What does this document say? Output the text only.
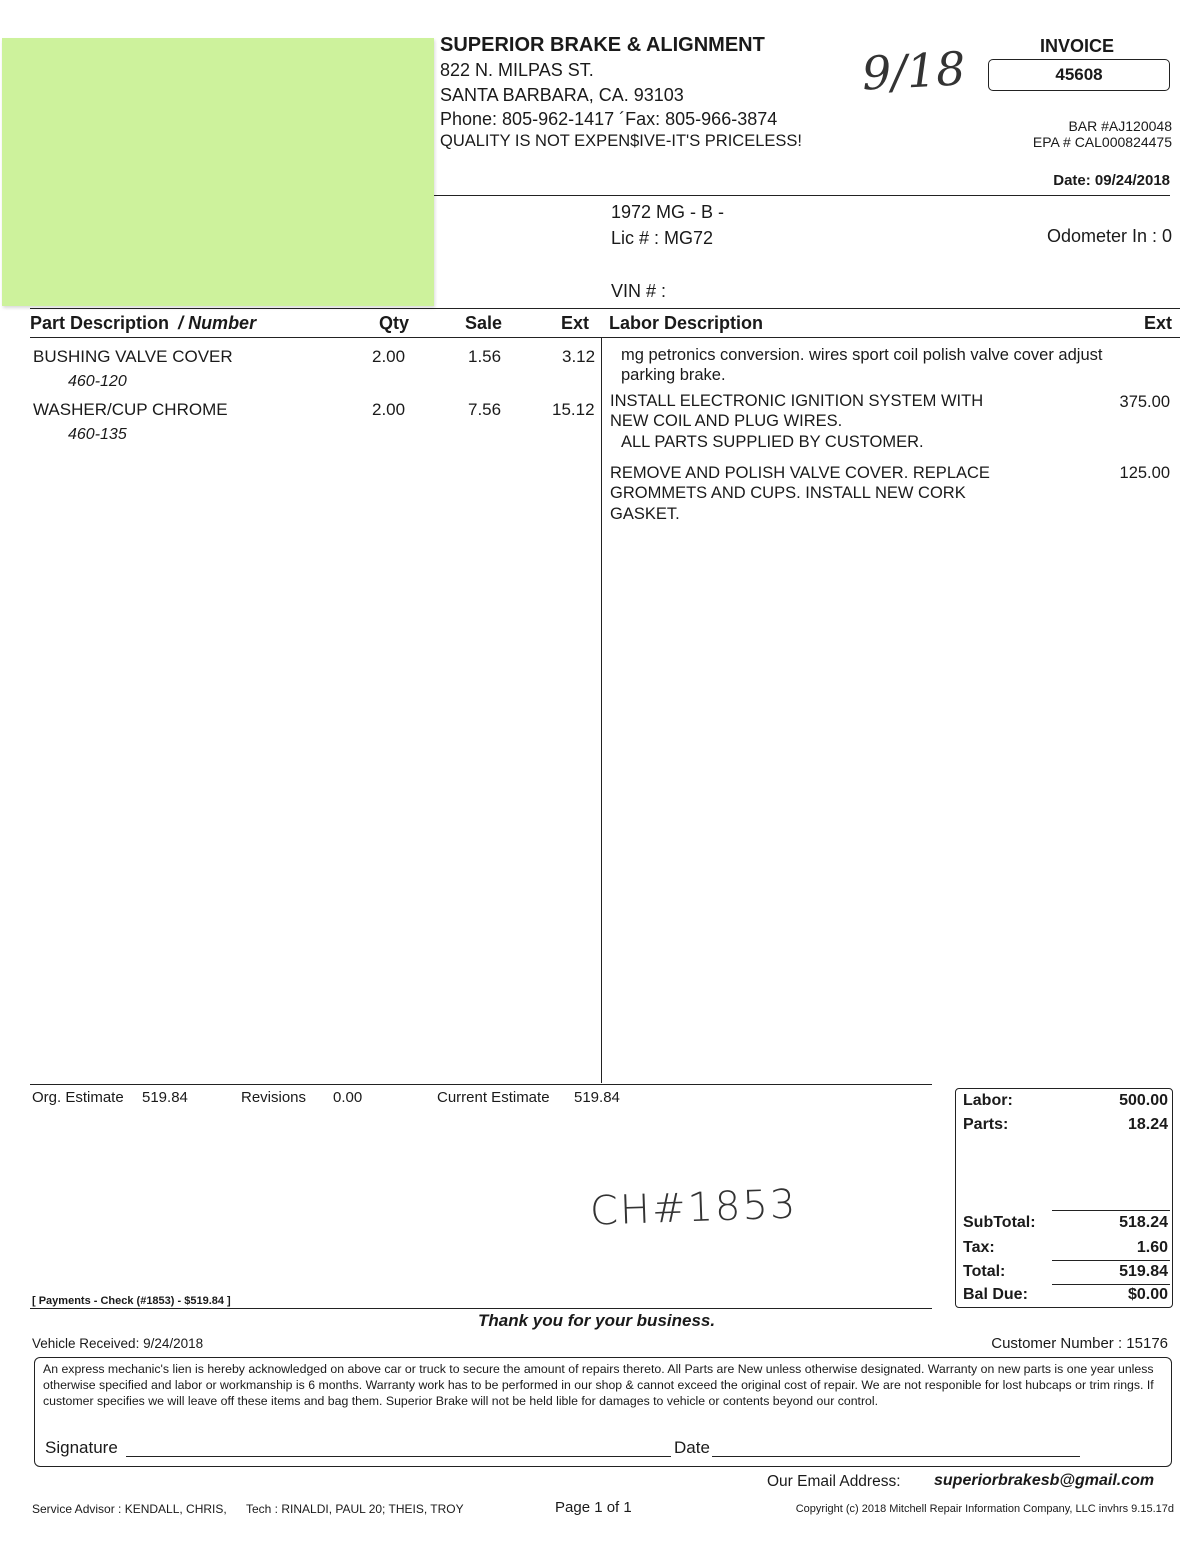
SUPERIOR BRAKE & ALIGNMENT
822 N. MILPAS ST.
SANTA BARBARA, CA. 93103
Phone: 805-962-1417 ´Fax: 805-966-3874
QUALITY IS NOT EXPEN$IVE-IT'S PRICELESS!
9/18	INVOICE
45608
BAR #AJ120048
EPA # CAL000824475
Date: 09/24/2018
1972 MG - B -
Lic # : MG72
VIN # :
Odometer In : 0
Part Description / Number	Qty	Sale	Ext Labor Description	Ext
BUSHING VALVE COVER
460-120
2.00	1.56	3.12
WASHER/CUP CHROME
460-135
2.00	7.56	15.12
mg petronics conversion. wires sport coil polish valve cover adjust parking brake.
INSTALL ELECTRONIC IGNITION SYSTEM WITH
NEW COIL AND PLUG WIRES.
ALL PARTS SUPPLIED BY CUSTOMER.
375.00
REMOVE AND POLISH VALVE COVER. REPLACE
GROMMETS AND CUPS. INSTALL NEW CORK
GASKET.
125.00
Org. Estimate 519.84	Revisions 0.00	Current Estimate 519.84	Labor:	500.00
Parts:	18.24
SubTotal:	518.24
Tax:	1.60
Total:	519.84
Bal Due:	$0.00
CH#1853
[ Payments - Check (#1853) - $519.84 ]
Thank you for your business.
Vehicle Received: 9/24/2018	Customer Number : 15176
An express mechanic's lien is hereby acknowledged on above car or truck to secure the amount of repairs thereto. All Parts are New unless otherwise designated. Warranty on new parts is one year unless otherwise specified and labor or workmanship is 6 months. Warranty work has to be performed in our shop & cannot exceed the original cost of repair. We are not responible for lost hubcaps or trim rings. If customer specifies we will leave off these items and bag them. Superior Brake will not be held lible for damages to vehicle or contents beyond our control.
Signature	Date
Our Email Address: superiorbrakesb@gmail.com
Service Advisor : KENDALL, CHRIS, Tech : RINALDI, PAUL 20; THEIS, TROY	Page 1 of 1	Copyright (c) 2018 Mitchell Repair Information Company, LLC invhrs 9.15.17d
